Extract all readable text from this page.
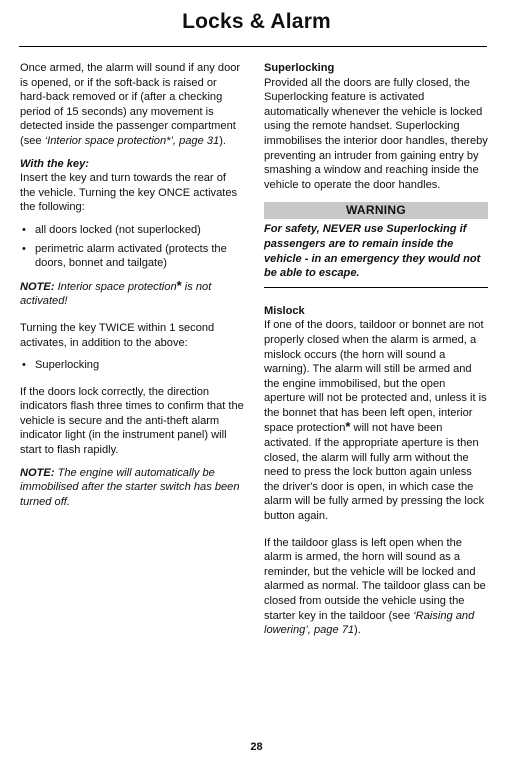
Locks & Alarm

Once armed, the alarm will sound if any door is opened, or if the soft-back is raised or hard-back removed or if (after a checking period of 15 seconds) any movement is detected inside the passenger compartment (see ‘Interior space protection*’, page 31).

With the key:

Insert the key and turn towards the rear of the vehicle. Turning the key ONCE activates the following:

• all doors locked (not superlocked)
• perimetric alarm activated (protects the doors, bonnet and tailgate)

NOTE: Interior space protection* is not activated!

Turning the key TWICE within 1 second activates, in addition to the above:

• Superlocking

If the doors lock correctly, the direction indicators flash three times to confirm that the vehicle is secure and the anti-theft alarm indicator light (in the instrument panel) will start to flash rapidly.

NOTE: The engine will automatically be immobilised after the starter switch has been turned off.

Superlocking

Provided all the doors are fully closed, the Superlocking feature is activated automatically whenever the vehicle is locked using the remote handset. Superlocking immobilises the interior door handles, thereby preventing an intruder from gaining entry by smashing a window and reaching inside the vehicle to operate the door handles.

WARNING

For safety, NEVER use Superlocking if passengers are to remain inside the vehicle - in an emergency they would not be able to escape.

Mislock

If one of the doors, taildoor or bonnet are not properly closed when the alarm is armed, a mislock occurs (the horn will sound a warning). The alarm will still be armed and the engine immobilised, but the open aperture will not be protected and, unless it is the bonnet that has been left open, interior space protection* will not have been activated. If the appropriate aperture is then closed, the alarm will fully arm without the need to press the lock button again unless the driver's door is open, in which case the alarm will be fully armed by pressing the lock button again.

If the taildoor glass is left open when the alarm is armed, the horn will sound as a reminder, but the vehicle will be locked and alarmed as normal. The taildoor glass can be closed from outside the vehicle using the starter key in the taildoor (see ‘Raising and lowering’, page 71).

28
